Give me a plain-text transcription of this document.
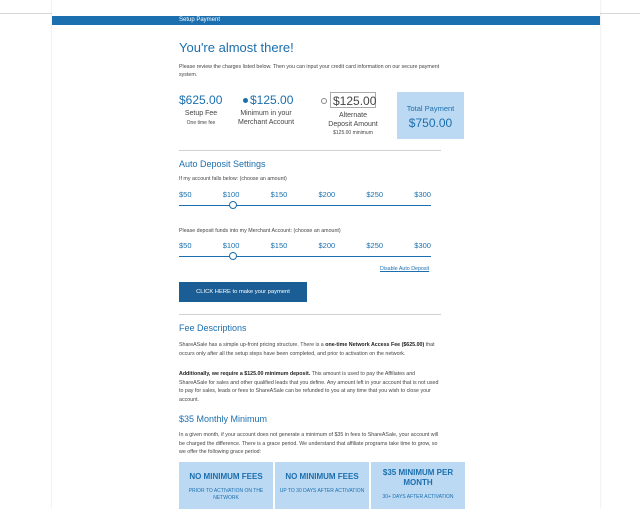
Setup Payment
You're almost there!
Please review the charges listed below. Then you can input your credit card information on our secure payment system.
$625.00
Setup Fee
One time fee
$125.00
Minimum in your
Merchant Account
$125.00
Alternate
Deposit Amount
$125.00 minimum
Total Payment
$750.00
Auto Deposit Settings
If my account falls below: (choose an amount)
$50	$100	$150	$200	$250	$300
Please deposit funds into my Merchant Account: (choose an amount)
$50	$100	$150	$200	$250	$300
Disable Auto Deposit
CLICK HERE to make your payment
Fee Descriptions
ShareASale has a simple up-front pricing structure. There is a one-time Network Access Fee ($625.00) that occurs only after all the setup steps have been completed, and prior to activation on the network.
Additionally, we require a $125.00 minimum deposit. This amount is used to pay the Affiliates and ShareASale for sales and other qualified leads that you define. Any amount left in your account that is not used to pay for sales, leads or fees to ShareASale can be refunded to you at any time that you wish to close your account.
$35 Monthly Minimum
In a given month, if your account does not generate a minimum of $35 in fees to ShareASale, your account will be charged the difference. There is a grace period. We understand that affiliate programs take time to grow, so we offer the following grace period:
NO MINIMUM FEES
PRIOR TO ACTIVATION ON THE NETWORK
NO MINIMUM FEES
UP TO 30 DAYS AFTER ACTIVATION
$35 MINIMUM PER MONTH
30+ DAYS AFTER ACTIVATION
